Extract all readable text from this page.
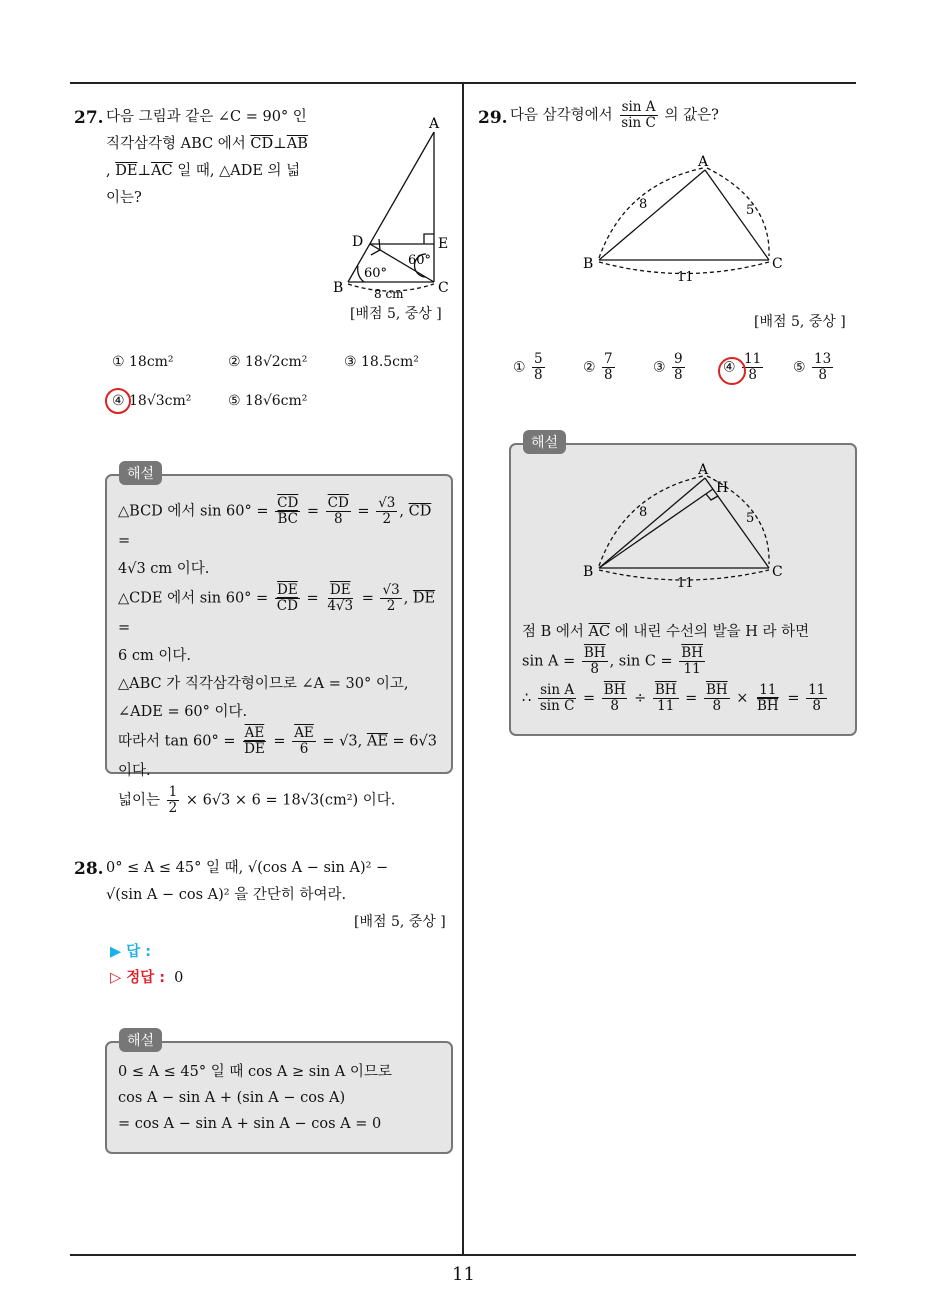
11
27. 다음 그림과 같은 ∠C = 90° 인
직각삼각형 ABC 에서 $\overline{CD}\perp\overline{AB}$
, $\overline{DE}\perp\overline{AC}$ 일 때, △ADE 의 넓
이는?
A
B	C
D	E
60°
60°
8 cm
[배점 5, 중상 ]
① 18cm²	② 18√2cm²	③ 18.5cm²
④ 18√3cm²	⑤ 18√6cm²
해설
△BCD 에서 $\sin 60^\circ = \frac{\overline{CD}}{BC} = \frac{\overline{CD}}{8} = \frac{√3}{2}$ , $\overline{CD}$ =
4√3 cm 이다.
△CDE 에서 $\sin 60^\circ = \frac{\overline{DE}}{CD} = \frac{\overline{DE}}{4√3} = \frac{√3}{2}$ , $\overline{DE}$ =
6 cm 이다.
△ABC 가 직각삼각형이므로 ∠A = 30° 이고,
∠ADE = 60° 이다.
따라서 $\tan 60^\circ = \frac{\overline{AE}}{DE} = \frac{\overline{AE}}{6} = √3$, $\overline{AE} = 6√3$
이다.
넓이는 $\frac{1}{2} \times 6√3 \times 6 = 18√3(cm^2)$ 이다.
28. 0° ≤ A ≤ 45° 일 때, √(cos A − sin A)² −
√(sin A − cos A)² 을 간단히 하여라.
[배점 5, 중상 ]
▶ 답 :
▷ 정답 : 0
해설
0 ≤ A ≤ 45° 일 때 cos A ≥ sin A 이므로
cos A − sin A + (sin A − cos A)
= cos A − sin A + sin A − cos A = 0
29. 다음 삼각형에서 $\frac{\text{sin A}}{\text{sin C}}$ 의 값은?
A
B	C
8	5
11
[배점 5, 중상 ]
① $\frac{5}{8}$	② $\frac{7}{8}$	③ $\frac{9}{8}$	④ $\frac{11}{8}$ ⑤ $\frac{13}{8}$
해설
A
H
B	C
8	5
11
점 B 에서 $\overline{AC}$ 에 내린 수선의 발을 H 라 하면
$\sin A = \frac{\overline{BH}}{8}$ , $\sin C = \frac{\overline{BH}}{11}$
∴ $\frac{\text{sin A}}{\text{sin C}} = \frac{\overline{BH}}{8} \div \frac{\overline{BH}}{11} = \frac{\overline{BH}}{8} \times \frac{11}{BH} = \frac{11}{8}$
